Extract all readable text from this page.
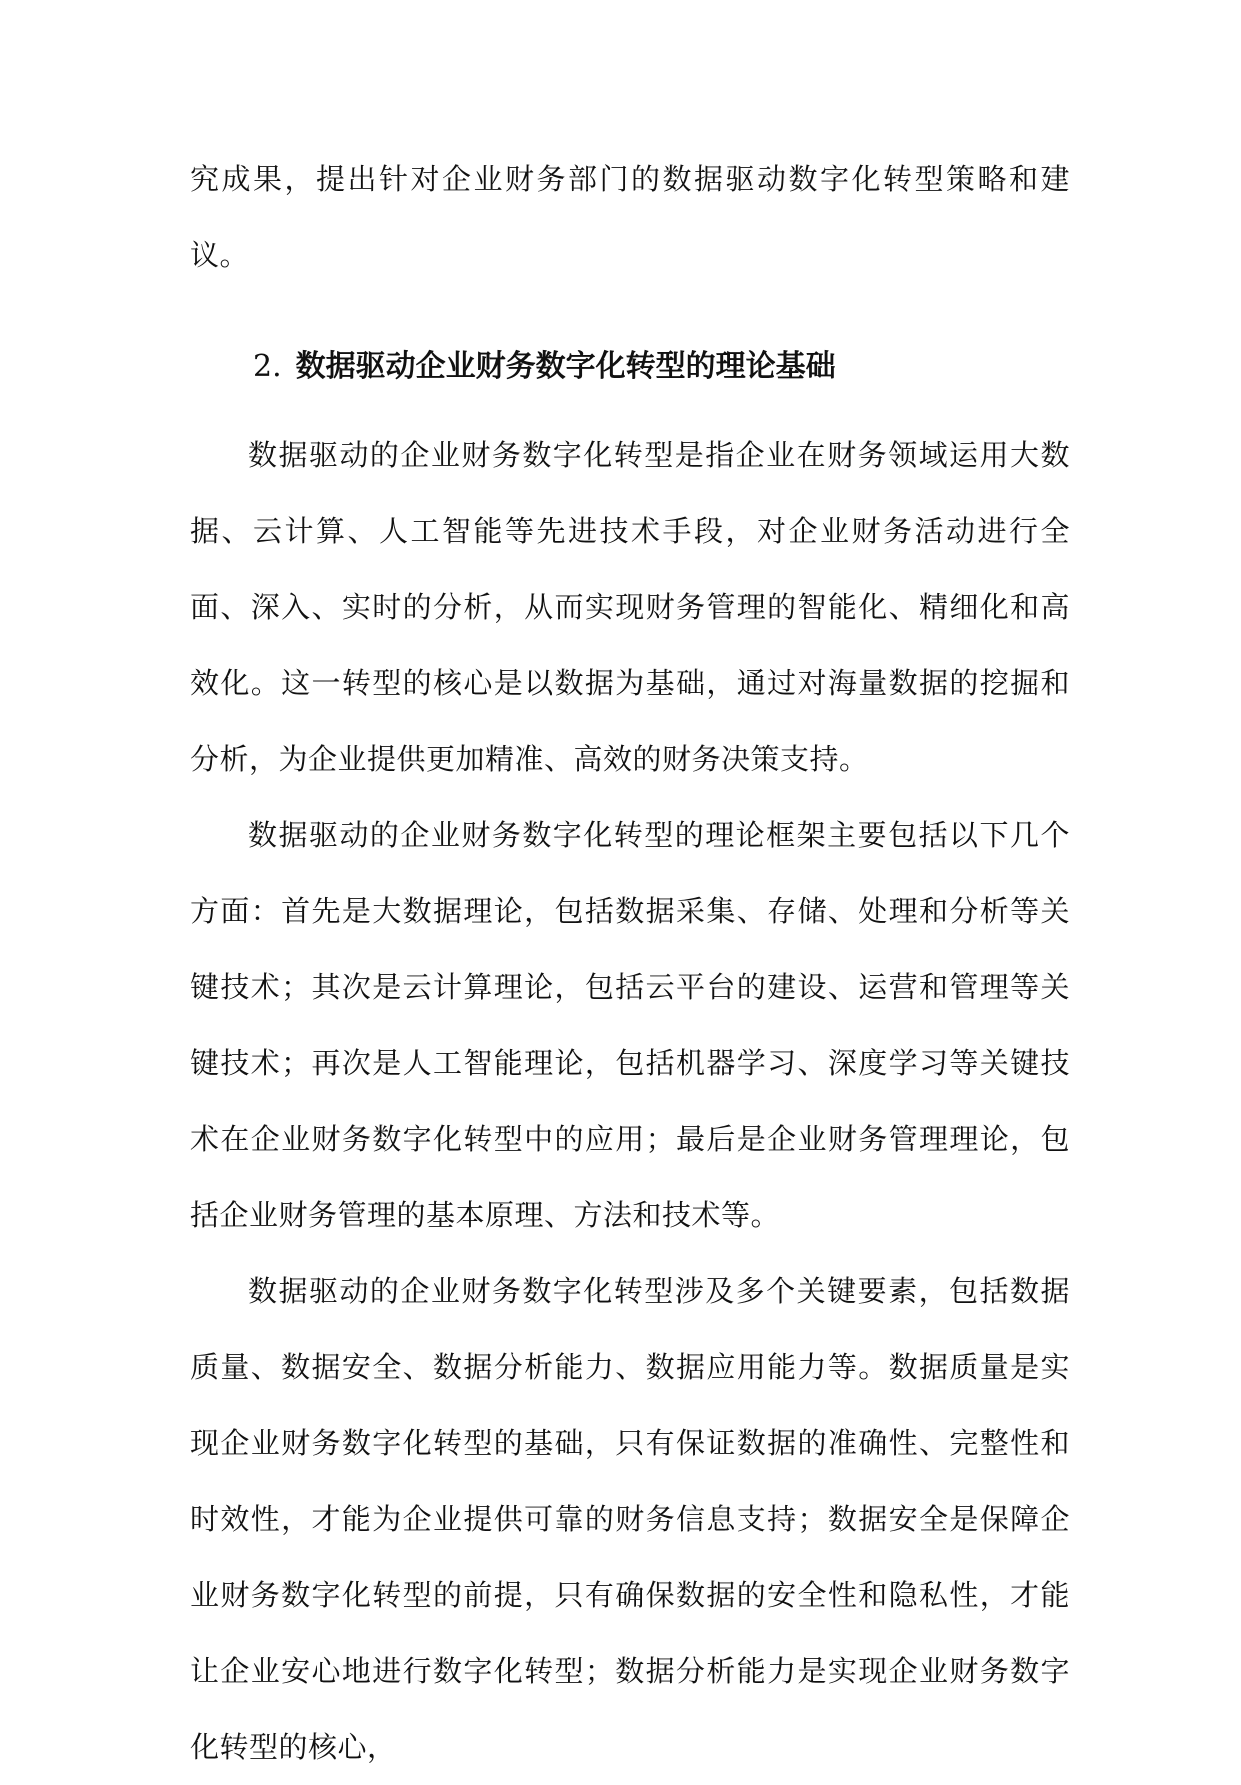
究成果，提出针对企业财务部门的数据驱动数字化转型策略和建议。

2. 数据驱动企业财务数字化转型的理论基础

数据驱动的企业财务数字化转型是指企业在财务领域运用大数据、云计算、人工智能等先进技术手段，对企业财务活动进行全面、深入、实时的分析，从而实现财务管理的智能化、精细化和高效化。这一转型的核心是以数据为基础，通过对海量数据的挖掘和分析，为企业提供更加精准、高效的财务决策支持。

数据驱动的企业财务数字化转型的理论框架主要包括以下几个方面：首先是大数据理论，包括数据采集、存储、处理和分析等关键技术；其次是云计算理论，包括云平台的建设、运营和管理等关键技术；再次是人工智能理论，包括机器学习、深度学习等关键技术在企业财务数字化转型中的应用；最后是企业财务管理理论，包括企业财务管理的基本原理、方法和技术等。

数据驱动的企业财务数字化转型涉及多个关键要素，包括数据质量、数据安全、数据分析能力、数据应用能力等。数据质量是实现企业财务数字化转型的基础，只有保证数据的准确性、完整性和时效性，才能为企业提供可靠的财务信息支持；数据安全是保障企业财务数字化转型的前提，只有确保数据的安全性和隐私性，才能让企业安心地进行数字化转型；数据分析能力是实现企业财务数字化转型的核心，
